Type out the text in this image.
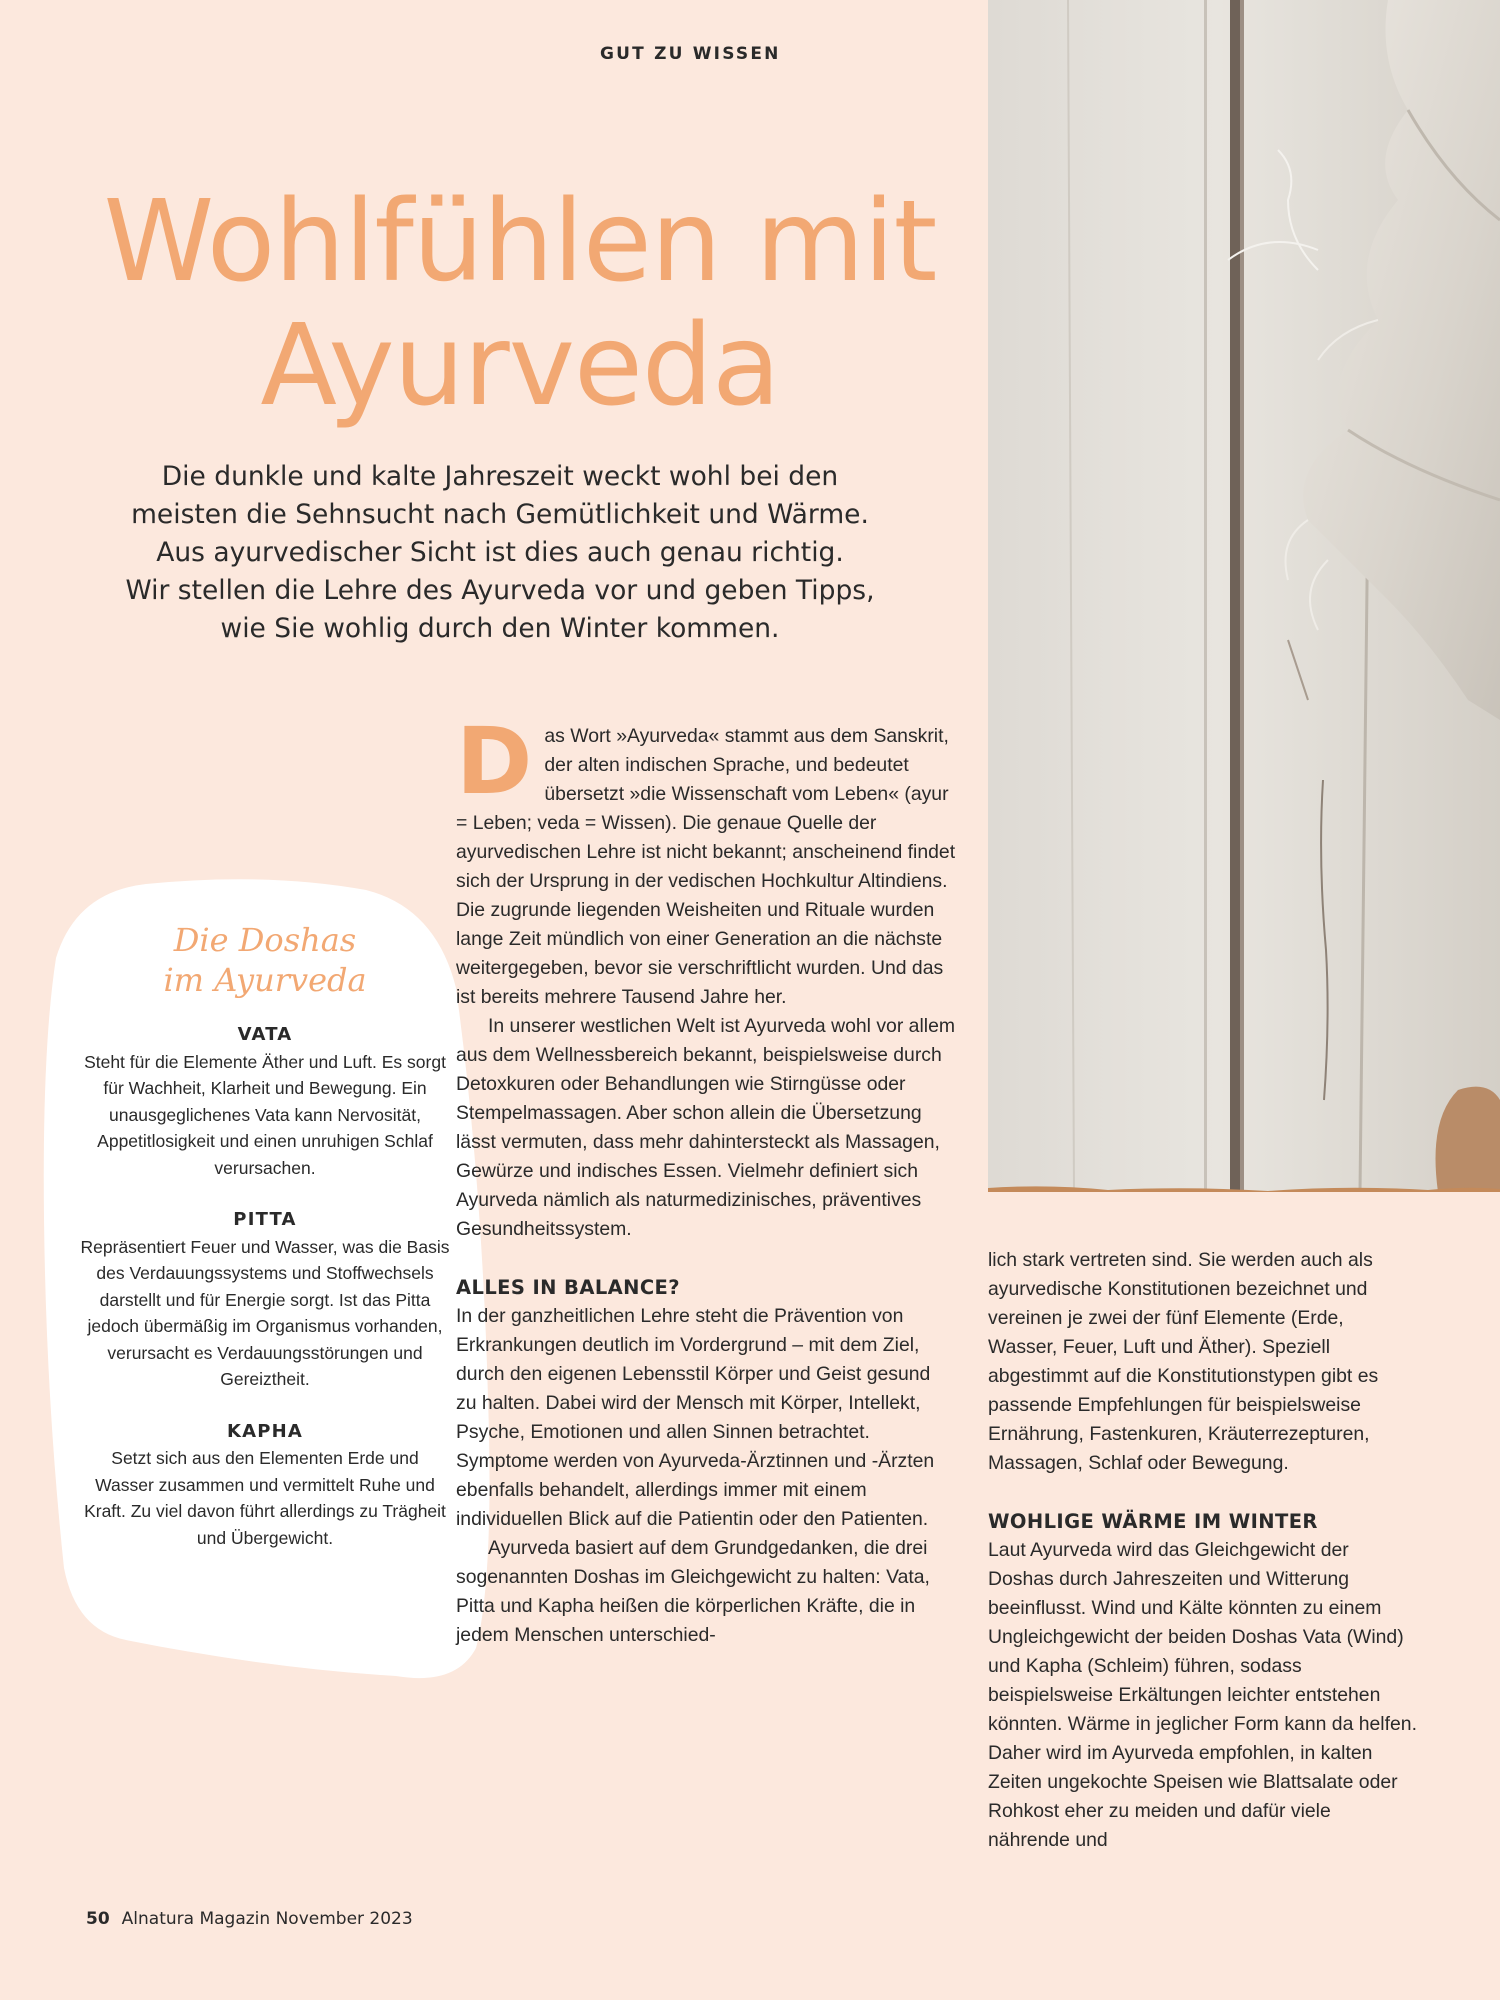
GUT ZU WISSEN
Wohlfühlen mit
Ayurveda
Die dunkle und kalte Jahreszeit weckt wohl bei den
meisten die Sehnsucht nach Gemütlichkeit und Wärme.
Aus ayurvedischer Sicht ist dies auch genau richtig.
Wir stellen die Lehre des Ayurveda vor und geben Tipps,
wie Sie wohlig durch den Winter kommen.

Die Doshas
im Ayurveda

VATA

Steht für die Elemente Äther und Luft. Es sorgt für Wachheit, Klarheit und Bewegung. Ein unausgeglichenes Vata kann Nervosität, Appetitlosigkeit und einen unruhigen Schlaf verursachen.

PITTA

Repräsentiert Feuer und Wasser, was die Basis des Verdauungssystems und Stoffwechsels darstellt und für Energie sorgt. Ist das Pitta jedoch übermäßig im Organismus vorhanden, verursacht es Verdauungsstörungen und Gereiztheit.

KAPHA

Setzt sich aus den Elementen Erde und Wasser zusammen und vermittelt Ruhe und Kraft. Zu viel davon führt allerdings zu Trägheit und Übergewicht.

Das Wort »Ayurveda« stammt aus dem Sanskrit, der alten indischen Sprache, und bedeutet übersetzt »die Wissenschaft vom Leben« (ayur = Leben; veda = Wissen). Die genaue Quelle der ayurvedischen Lehre ist nicht bekannt; anscheinend findet sich der Ursprung in der vedischen Hochkultur Altindiens. Die zugrunde liegenden Weisheiten und Rituale wurden lange Zeit mündlich von einer Generation an die nächste weitergegeben, bevor sie verschriftlicht wurden. Und das ist bereits mehrere Tausend Jahre her.

In unserer westlichen Welt ist Ayurveda wohl vor allem aus dem Wellnessbereich bekannt, beispielsweise durch Detoxkuren oder Behandlungen wie Stirngüsse oder Stempelmassagen. Aber schon allein die Übersetzung lässt vermuten, dass mehr dahintersteckt als Massagen, Gewürze und indisches Essen. Vielmehr definiert sich Ayurveda nämlich als naturmedizinisches, präventives Gesundheitssystem.

ALLES IN BALANCE?

In der ganzheitlichen Lehre steht die Prävention von Erkrankungen deutlich im Vordergrund – mit dem Ziel, durch den eigenen Lebensstil Körper und Geist gesund zu halten. Dabei wird der Mensch mit Körper, Intellekt, Psyche, Emotionen und allen Sinnen betrachtet. Symptome werden von Ayurveda-Ärztinnen und -Ärzten ebenfalls behandelt, allerdings immer mit einem individuellen Blick auf die Patientin oder den Patienten.

Ayurveda basiert auf dem Grundgedanken, die drei sogenannten Doshas im Gleichgewicht zu halten: Vata, Pitta und Kapha heißen die körperlichen Kräfte, die in jedem Menschen unterschied-

lich stark vertreten sind. Sie werden auch als ayurvedische Konstitutionen bezeichnet und vereinen je zwei der fünf Elemente (Erde, Wasser, Feuer, Luft und Äther). Speziell abgestimmt auf die Konstitutionstypen gibt es passende Empfehlungen für beispielsweise Ernährung, Fastenkuren, Kräuterrezepturen, Massagen, Schlaf oder Bewegung.

WOHLIGE WÄRME IM WINTER

Laut Ayurveda wird das Gleichgewicht der Doshas durch Jahreszeiten und Witterung beeinflusst. Wind und Kälte könnten zu einem Ungleichgewicht der beiden Doshas Vata (Wind) und Kapha (Schleim) führen, sodass beispielsweise Erkältungen leichter entstehen könnten. Wärme in jeglicher Form kann da helfen. Daher wird im Ayurveda empfohlen, in kalten Zeiten ungekochte Speisen wie Blattsalate oder Rohkost eher zu meiden und dafür viele nährende und

50 Alnatura Magazin November 2023
